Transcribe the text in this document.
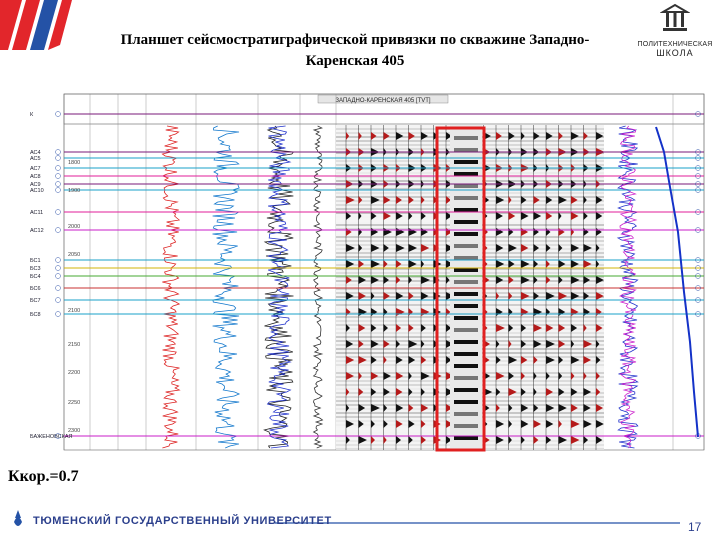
Планшет сейсмостратиграфической привязки по скважине Западно-Каренская 405
ПОЛИТЕХНИЧЕСКАЯ
ШКОЛА
ЗАПАДНО-КАРЕНСКАЯ 405 [TVT]
К
АС4
АС5
АС7
АС8
АС9
АС10
АС11
АС12
БС1
БС3
БС4
БС6
БС7
БС8
БАЖЕНОВСКАЯ
1800
1900
2000
2050
2100
2150
2200
2250
2300
Ккор.=0.7
ТЮМЕНСКИЙ ГОСУДАРСТВЕННЫЙ УНИВЕРСИТЕТ	17
